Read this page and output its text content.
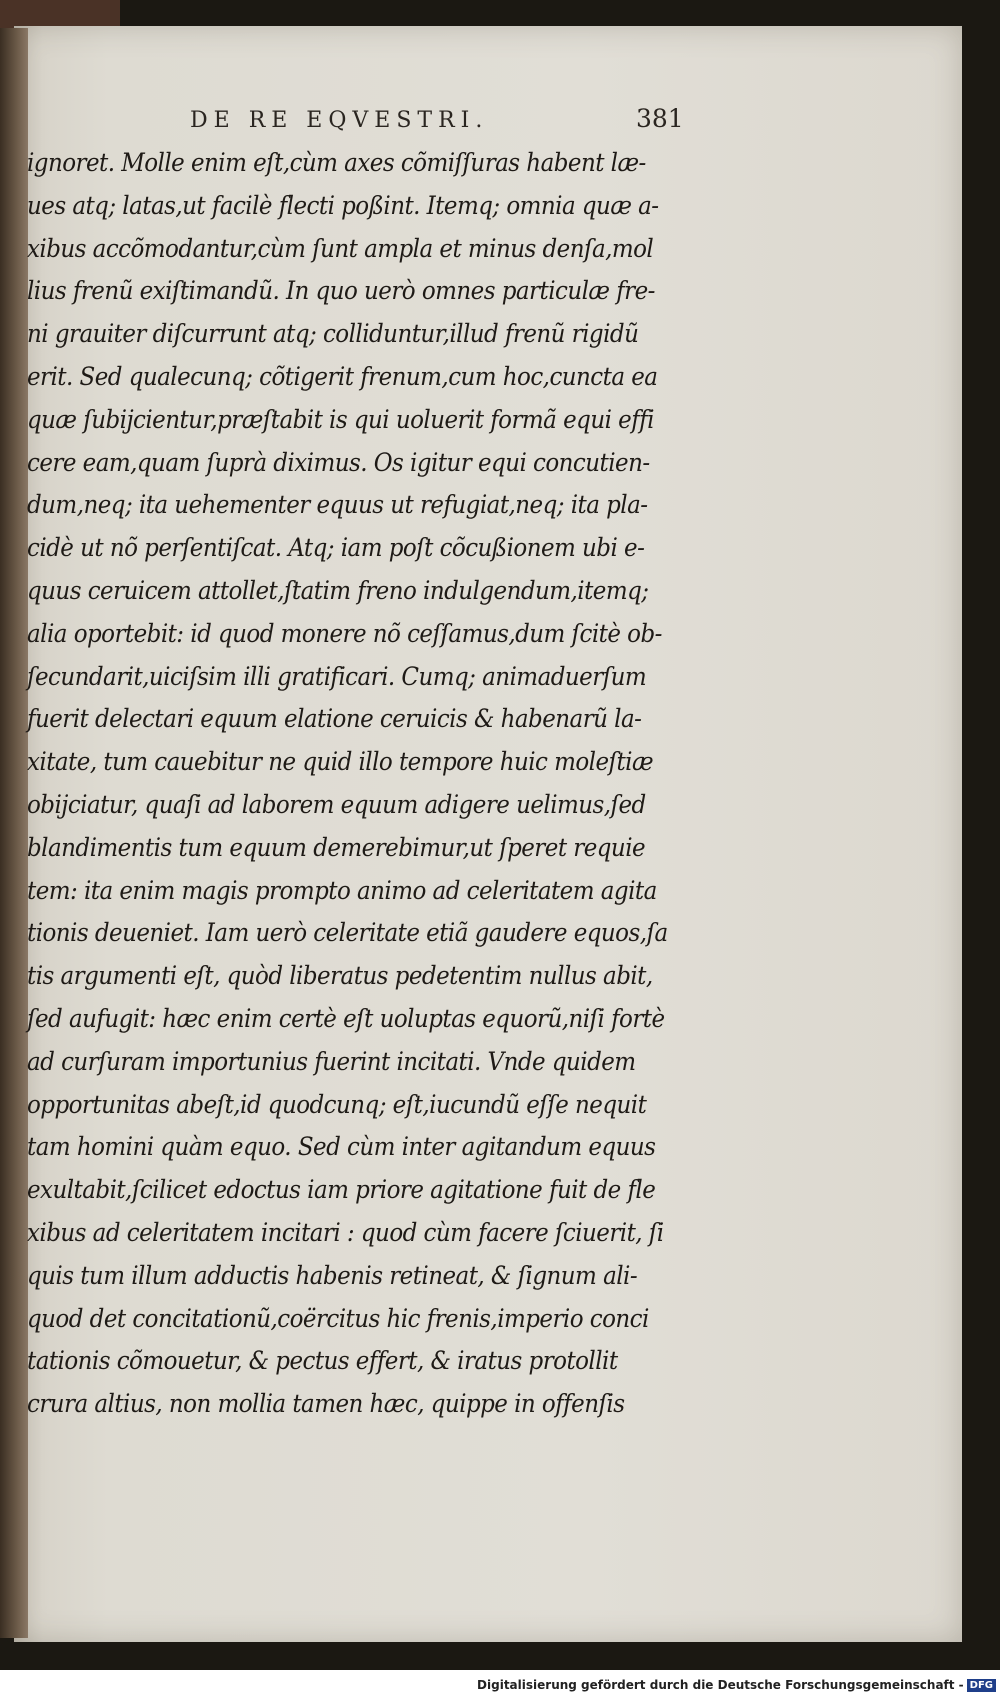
DE RE EQVESTRI.	381
ignoret. Molle enim eſt,cùm axes cõmiſſuras habent læ-
ues atq; latas,ut facilè flecti poßint. Itemq; omnia quæ a-
xibus accõmodantur,cùm ſunt ampla et minus denſa,mol
lius frenũ exiſtimandũ. In quo uerò omnes particulæ fre-
ni grauiter diſcurrunt atq; colliduntur,illud frenũ rigidũ
erit. Sed qualecunq; cõtigerit frenum,cum hoc,cuncta ea
quæ ſubijcientur,præſtabit is qui uoluerit formã equi effi
cere eam,quam ſuprà diximus. Os igitur equi concutien-
dum,neq; ita uehementer equus ut refugiat,neq; ita pla-
cidè ut nõ perſentiſcat. Atq; iam poſt cõcußionem ubi e-
quus ceruicem attollet,ſtatim freno indulgendum,itemq;
alia oportebit: id quod monere nõ ceſſamus,dum ſcitè ob-
ſecundarit,uiciſsim illi gratificari. Cumq; animaduerſum
fuerit delectari equum elatione ceruicis & habenarũ la-
xitate, tum cauebitur ne quid illo tempore huic moleſtiæ
obijciatur, quaſi ad laborem equum adigere uelimus,ſed
blandimentis tum equum demerebimur,ut ſperet requie
tem: ita enim magis prompto animo ad celeritatem agita
tionis deueniet. Iam uerò celeritate etiã gaudere equos,ſa
tis argumenti eſt, quòd liberatus pedetentim nullus abit,
ſed aufugit: hæc enim certè eſt uoluptas equorũ,niſi fortè
ad curſuram importunius fuerint incitati. Vnde quidem
opportunitas abeſt,id quodcunq; eſt,iucundũ eſſe nequit
tam homini quàm equo. Sed cùm inter agitandum equus
exultabit,ſcilicet edoctus iam priore agitatione fuit de fle
xibus ad celeritatem incitari : quod cùm facere ſciuerit, ſi
quis tum illum adductis habenis retineat, & ſignum ali-
quod det concitationũ,coërcitus hic frenis,imperio conci
tationis cõmouetur, & pectus effert, & iratus protollit
crura altius, non mollia tamen hæc, quippe in offenſis
Digitalisierung gefördert durch die Deutsche Forschungsgemeinschaft - DFG
